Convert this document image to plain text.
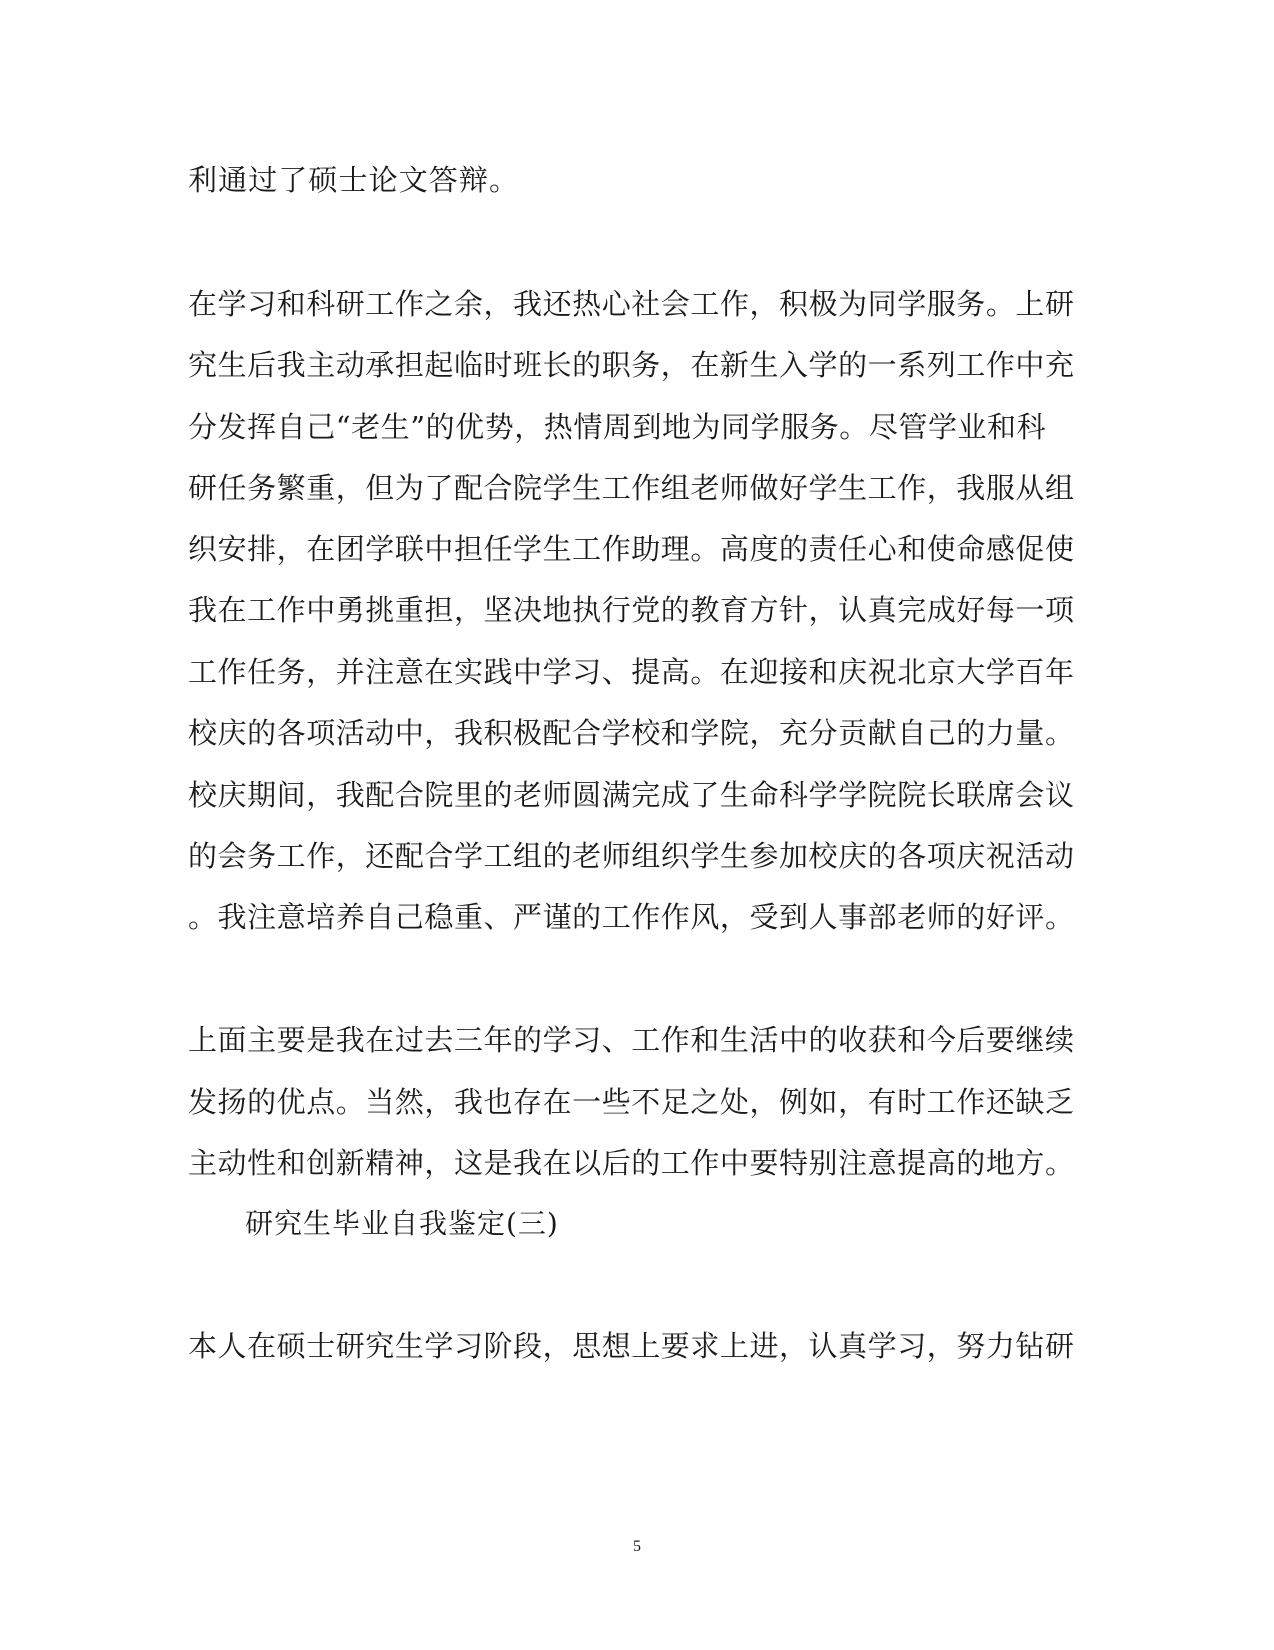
利通过了硕士论文答辩。
在学习和科研工作之余，我还热心社会工作，积极为同学服务。上研
究生后我主动承担起临时班长的职务，在新生入学的一系列工作中充
分发挥自己“老生”的优势，热情周到地为同学服务。尽管学业和科
研任务繁重，但为了配合院学生工作组老师做好学生工作，我服从组
织安排，在团学联中担任学生工作助理。高度的责任心和使命感促使
我在工作中勇挑重担，坚决地执行党的教育方针，认真完成好每一项
工作任务，并注意在实践中学习、提高。在迎接和庆祝北京大学百年
校庆的各项活动中，我积极配合学校和学院，充分贡献自己的力量。
校庆期间，我配合院里的老师圆满完成了生命科学学院院长联席会议
的会务工作，还配合学工组的老师组织学生参加校庆的各项庆祝活动
。我注意培养自己稳重、严谨的工作作风，受到人事部老师的好评。
上面主要是我在过去三年的学习、工作和生活中的收获和今后要继续
发扬的优点。当然，我也存在一些不足之处，例如，有时工作还缺乏
主动性和创新精神，这是我在以后的工作中要特别注意提高的地方。
研究生毕业自我鉴定(三)
本人在硕士研究生学习阶段，思想上要求上进，认真学习，努力钻研
5
